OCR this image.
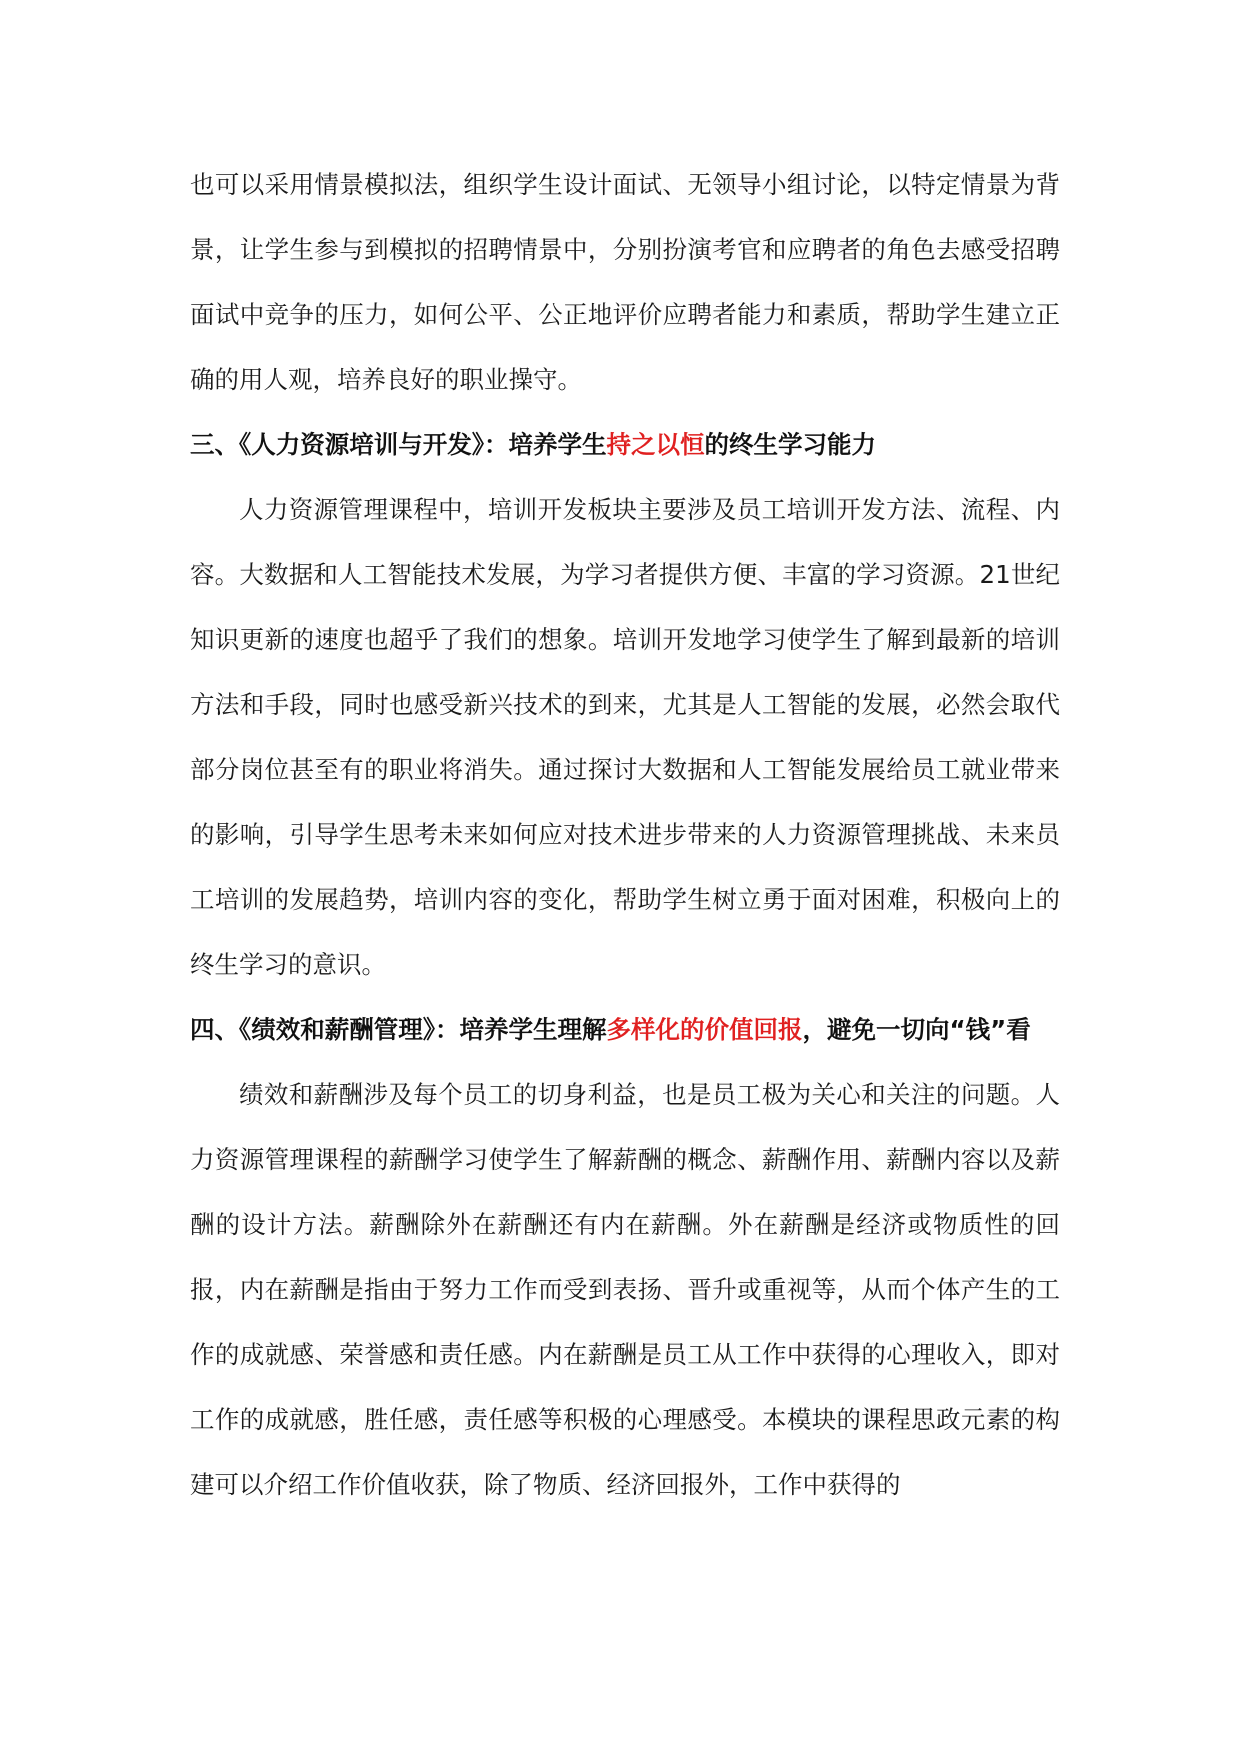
也可以采用情景模拟法，组织学生设计面试、无领导小组讨论，以特定情景为背景，让学生参与到模拟的招聘情景中，分别扮演考官和应聘者的角色去感受招聘面试中竞争的压力，如何公平、公正地评价应聘者能力和素质，帮助学生建立正确的用人观，培养良好的职业操守。

三、《人力资源培训与开发》：培养学生持之以恒的终生学习能力

人力资源管理课程中，培训开发板块主要涉及员工培训开发方法、流程、内容。大数据和人工智能技术发展，为学习者提供方便、丰富的学习资源。21世纪知识更新的速度也超乎了我们的想象。培训开发地学习使学生了解到最新的培训方法和手段，同时也感受新兴技术的到来，尤其是人工智能的发展，必然会取代部分岗位甚至有的职业将消失。通过探讨大数据和人工智能发展给员工就业带来的影响，引导学生思考未来如何应对技术进步带来的人力资源管理挑战、未来员工培训的发展趋势，培训内容的变化，帮助学生树立勇于面对困难，积极向上的终生学习的意识。

四、《绩效和薪酬管理》：培养学生理解多样化的价值回报，避免一切向“钱”看

绩效和薪酬涉及每个员工的切身利益，也是员工极为关心和关注的问题。人力资源管理课程的薪酬学习使学生了解薪酬的概念、薪酬作用、薪酬内容以及薪酬的设计方法。薪酬除外在薪酬还有内在薪酬。外在薪酬是经济或物质性的回报，内在薪酬是指由于努力工作而受到表扬、晋升或重视等，从而个体产生的工作的成就感、荣誉感和责任感。内在薪酬是员工从工作中获得的心理收入，即对工作的成就感，胜任感，责任感等积极的心理感受。本模块的课程思政元素的构建可以介绍工作价值收获，除了物质、经济回报外，工作中获得的
